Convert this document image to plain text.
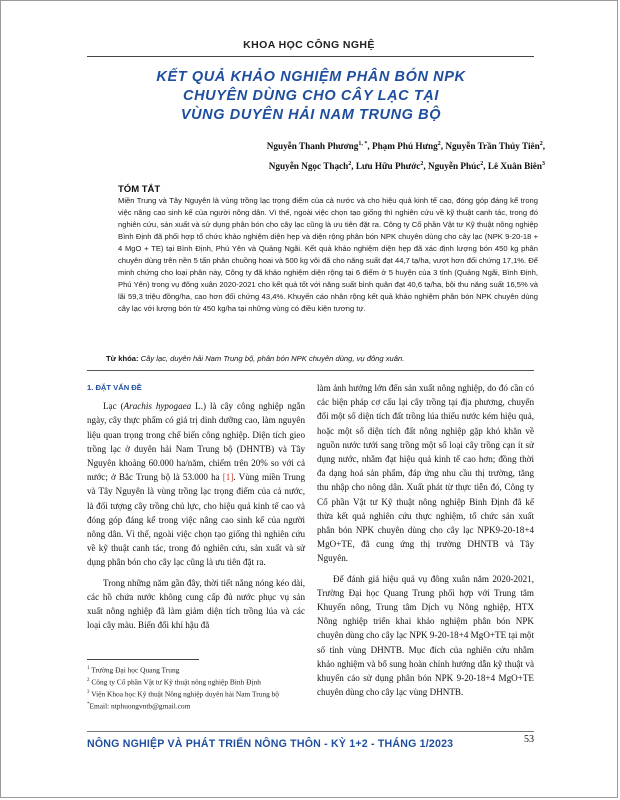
KHOA HỌC CÔNG NGHỆ
KẾT QUẢ KHẢO NGHIỆM PHÂN BÓN NPK
CHUYÊN DÙNG CHO CÂY LẠC TẠI
VÙNG DUYÊN HẢI NAM TRUNG BỘ
Nguyễn Thanh Phương$^{1, *}$, Phạm Phú Hưng$^2$, Nguyễn Trần Thủy Tiên$^2$,
Nguyễn Ngọc Thạch$^2$, Lưu Hữu Phước$^2$, Nguyễn Phúc$^2$, Lê Xuân Biên$^3$
TÓM TẮT
Miền Trung và Tây Nguyên là vùng trồng lạc trọng điểm của cả nước và cho hiệu quả kinh tế cao, đóng góp đáng kể trong việc nâng cao sinh kế của người nông dân. Vì thế, ngoài việc chọn tạo giống thì nghiên cứu về kỹ thuật canh tác, trong đó nghiên cứu, sản xuất và sử dụng phân bón cho cây lạc cũng là ưu tiên đặt ra. Công ty Cổ phần Vật tư Kỹ thuật nông nghiệp Bình Định đã phối hợp tổ chức khảo nghiệm diện hẹp và diện rộng phân bón NPK chuyên dùng cho cây lạc (NPK 9-20-18 + 4 MgO + TE) tại Bình Định, Phú Yên và Quảng Ngãi. Kết quả khảo nghiệm diện hẹp đã xác định lượng bón 450 kg phân chuyên dùng trên nền 5 tấn phân chuồng hoai và 500 kg vôi đã cho năng suất đạt 44,7 tạ/ha, vượt hơn đối chứng 17,1%. Để minh chứng cho loại phân này, Công ty đã khảo nghiệm diện rộng tại 6 điểm ở 5 huyện của 3 tỉnh (Quảng Ngãi, Bình Định, Phú Yên) trong vụ đông xuân 2020-2021 cho kết quả tốt với năng suất bình quân đạt 40,6 tạ/ha, bội thu năng suất 16,5% và lãi 59,3 triệu đồng/ha, cao hơn đối chứng 43,4%. Khuyến cáo nhân rộng kết quả khảo nghiệm phân bón NPK chuyên dùng cây lạc với lượng bón từ 450 kg/ha tại những vùng có điều kiện tương tự.
Từ khóa: Cây lạc, duyên hải Nam Trung bộ, phân bón NPK chuyên dùng, vụ đông xuân.
1. ĐẶT VẤN ĐỀ

Lạc (Arachis hypogaea L.) là cây công nghiệp ngắn ngày, cây thực phẩm có giá trị dinh dưỡng cao, làm nguyên liệu quan trọng trong chế biến công nghiệp. Diện tích gieo trồng lạc ở duyên hải Nam Trung bộ (DHNTB) và Tây Nguyên khoảng 60.000 ha/năm, chiếm trên 20% so với cả nước; ở Bắc Trung bộ là 53.000 ha [1]. Vùng miền Trung và Tây Nguyên là vùng trồng lạc trọng điểm của cả nước, là đối tượng cây trồng chủ lực, cho hiệu quả kinh tế cao và đóng góp đáng kể trong việc nâng cao sinh kế của người nông dân. Vì thế, ngoài việc chọn tạo giống thì nghiên cứu về kỹ thuật canh tác, trong đó nghiên cứu, sản xuất và sử dụng phân bón cho cây lạc cũng là ưu tiên đặt ra.

Trong những năm gần đây, thời tiết nắng nóng kéo dài, các hồ chứa nước không cung cấp đủ nước phục vụ sản xuất nông nghiệp đã làm giảm diện tích trồng lúa và các loại cây màu. Biến đổi khí hậu đã

làm ảnh hưởng lớn đến sản xuất nông nghiệp, do đó cần có các biện pháp cơ cấu lại cây trồng tại địa phương, chuyển đổi một số diện tích đất trồng lúa thiếu nước kém hiệu quả, hoặc một số diện tích đất nông nghiệp gặp khó khăn về nguồn nước tưới sang trồng một số loại cây trồng cạn ít sử dụng nước, nhằm đạt hiệu quả kinh tế cao hơn; đồng thời đa dạng hoá sản phẩm, đáp ứng nhu cầu thị trường, tăng thu nhập cho nông dân. Xuất phát từ thực tiễn đó, Công ty Cổ phần Vật tư Kỹ thuật nông nghiệp Bình Định đã kế thừa kết quả nghiên cứu thực nghiệm, tổ chức sản xuất phân bón NPK chuyên dùng cho cây lạc NPK9-20-18+4 MgO+TE, đã cung ứng thị trường DHNTB và Tây Nguyên.

Để đánh giá hiệu quả vụ đông xuân năm 2020-2021, Trường Đại học Quang Trung phối hợp với Trung tâm Khuyến nông, Trung tâm Dịch vụ Nông nghiệp, HTX Nông nghiệp triển khai khảo nghiệm phân bón NPK chuyên dùng cho cây lạc NPK 9-20-18+4 MgO+TE tại một số tỉnh vùng DHNTB. Mục đích của nghiên cứu nhằm khảo nghiệm và bổ sung hoàn chỉnh hướng dẫn kỹ thuật và khuyến cáo sử dụng phân bón NPK 9-20-18+4 MgO+TE chuyên dùng cho cây lạc vùng DHNTB.

$^1$ Trường Đại học Quang Trung
$^2$ Công ty Cổ phần Vật tư Kỹ thuật nông nghiệp Bình Định
$^3$ Viện Khoa học Kỹ thuật Nông nghiệp duyên hải Nam Trung bộ
*Email: ntphuongvntb@gmail.com
NÔNG NGHIỆP VÀ PHÁT TRIỂN NÔNG THÔN - KỲ 1+2 - THÁNG 1/2023	53
